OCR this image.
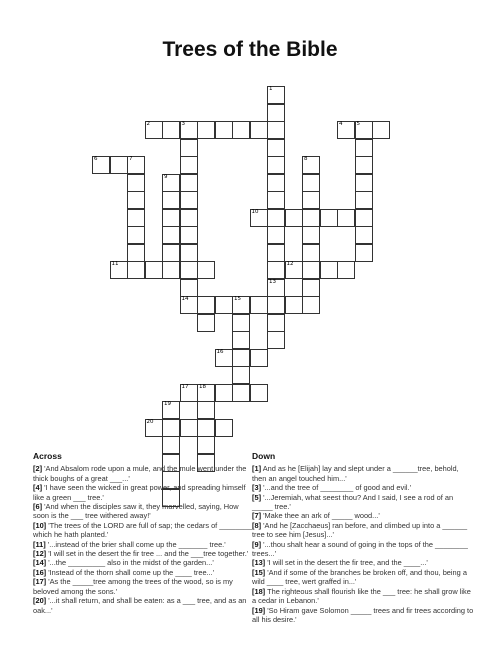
Trees of the Bible
1
2	3	4	5
6	7	8
9
10
11	12
13
14	15
16
17 18
19
20
Across

[2] 'And Absalom rode upon a mule, and the mule went under the thick boughs of a great ___...'

[4] 'I have seen the wicked in great power, and spreading himself like a green ___ tree.'

[6] 'And when the disciples saw it, they marvelled, saying, How soon is the ___ tree withered away!'

[10] 'The trees of the LORD are full of sap; the cedars of ________, which he hath planted.'

[11] '...instead of the brier shall come up the _______ tree.'

[12] 'I will set in the desert the fir tree ... and the ___tree together.'

[14] '...the _________ also in the midst of the garden...'

[16] 'Instead of the thorn shall come up the ____ tree...'

[17] 'As the _____tree among the trees of the wood, so is my beloved among the sons.'

[20] '...it shall return, and shall be eaten: as a ___ tree, and as an oak...'

Down

[1] And as he [Elijah] lay and slept under a ______tree, behold, then an angel touched him...'

[3] '...and the tree of ________ of good and evil.'

[5] '...Jeremiah, what seest thou? And I said, I see a rod of an _____ tree.'

[7] 'Make thee an ark of _____ wood...'

[8] 'And he [Zacchaeus] ran before, and climbed up into a ______ tree to see him [Jesus]...'

[9] '...thou shalt hear a sound of going in the tops of the ________ trees...'

[13] 'I will set in the desert the fir tree, and the ____...'

[15] 'And if some of the branches be broken off, and thou, being a wild ____ tree, wert graffed in...'

[18] The righteous shall flourish like the ___ tree: he shall grow like a cedar in Lebanon.'

[19] 'So Hiram gave Solomon _____ trees and fir trees according to all his desire.'
